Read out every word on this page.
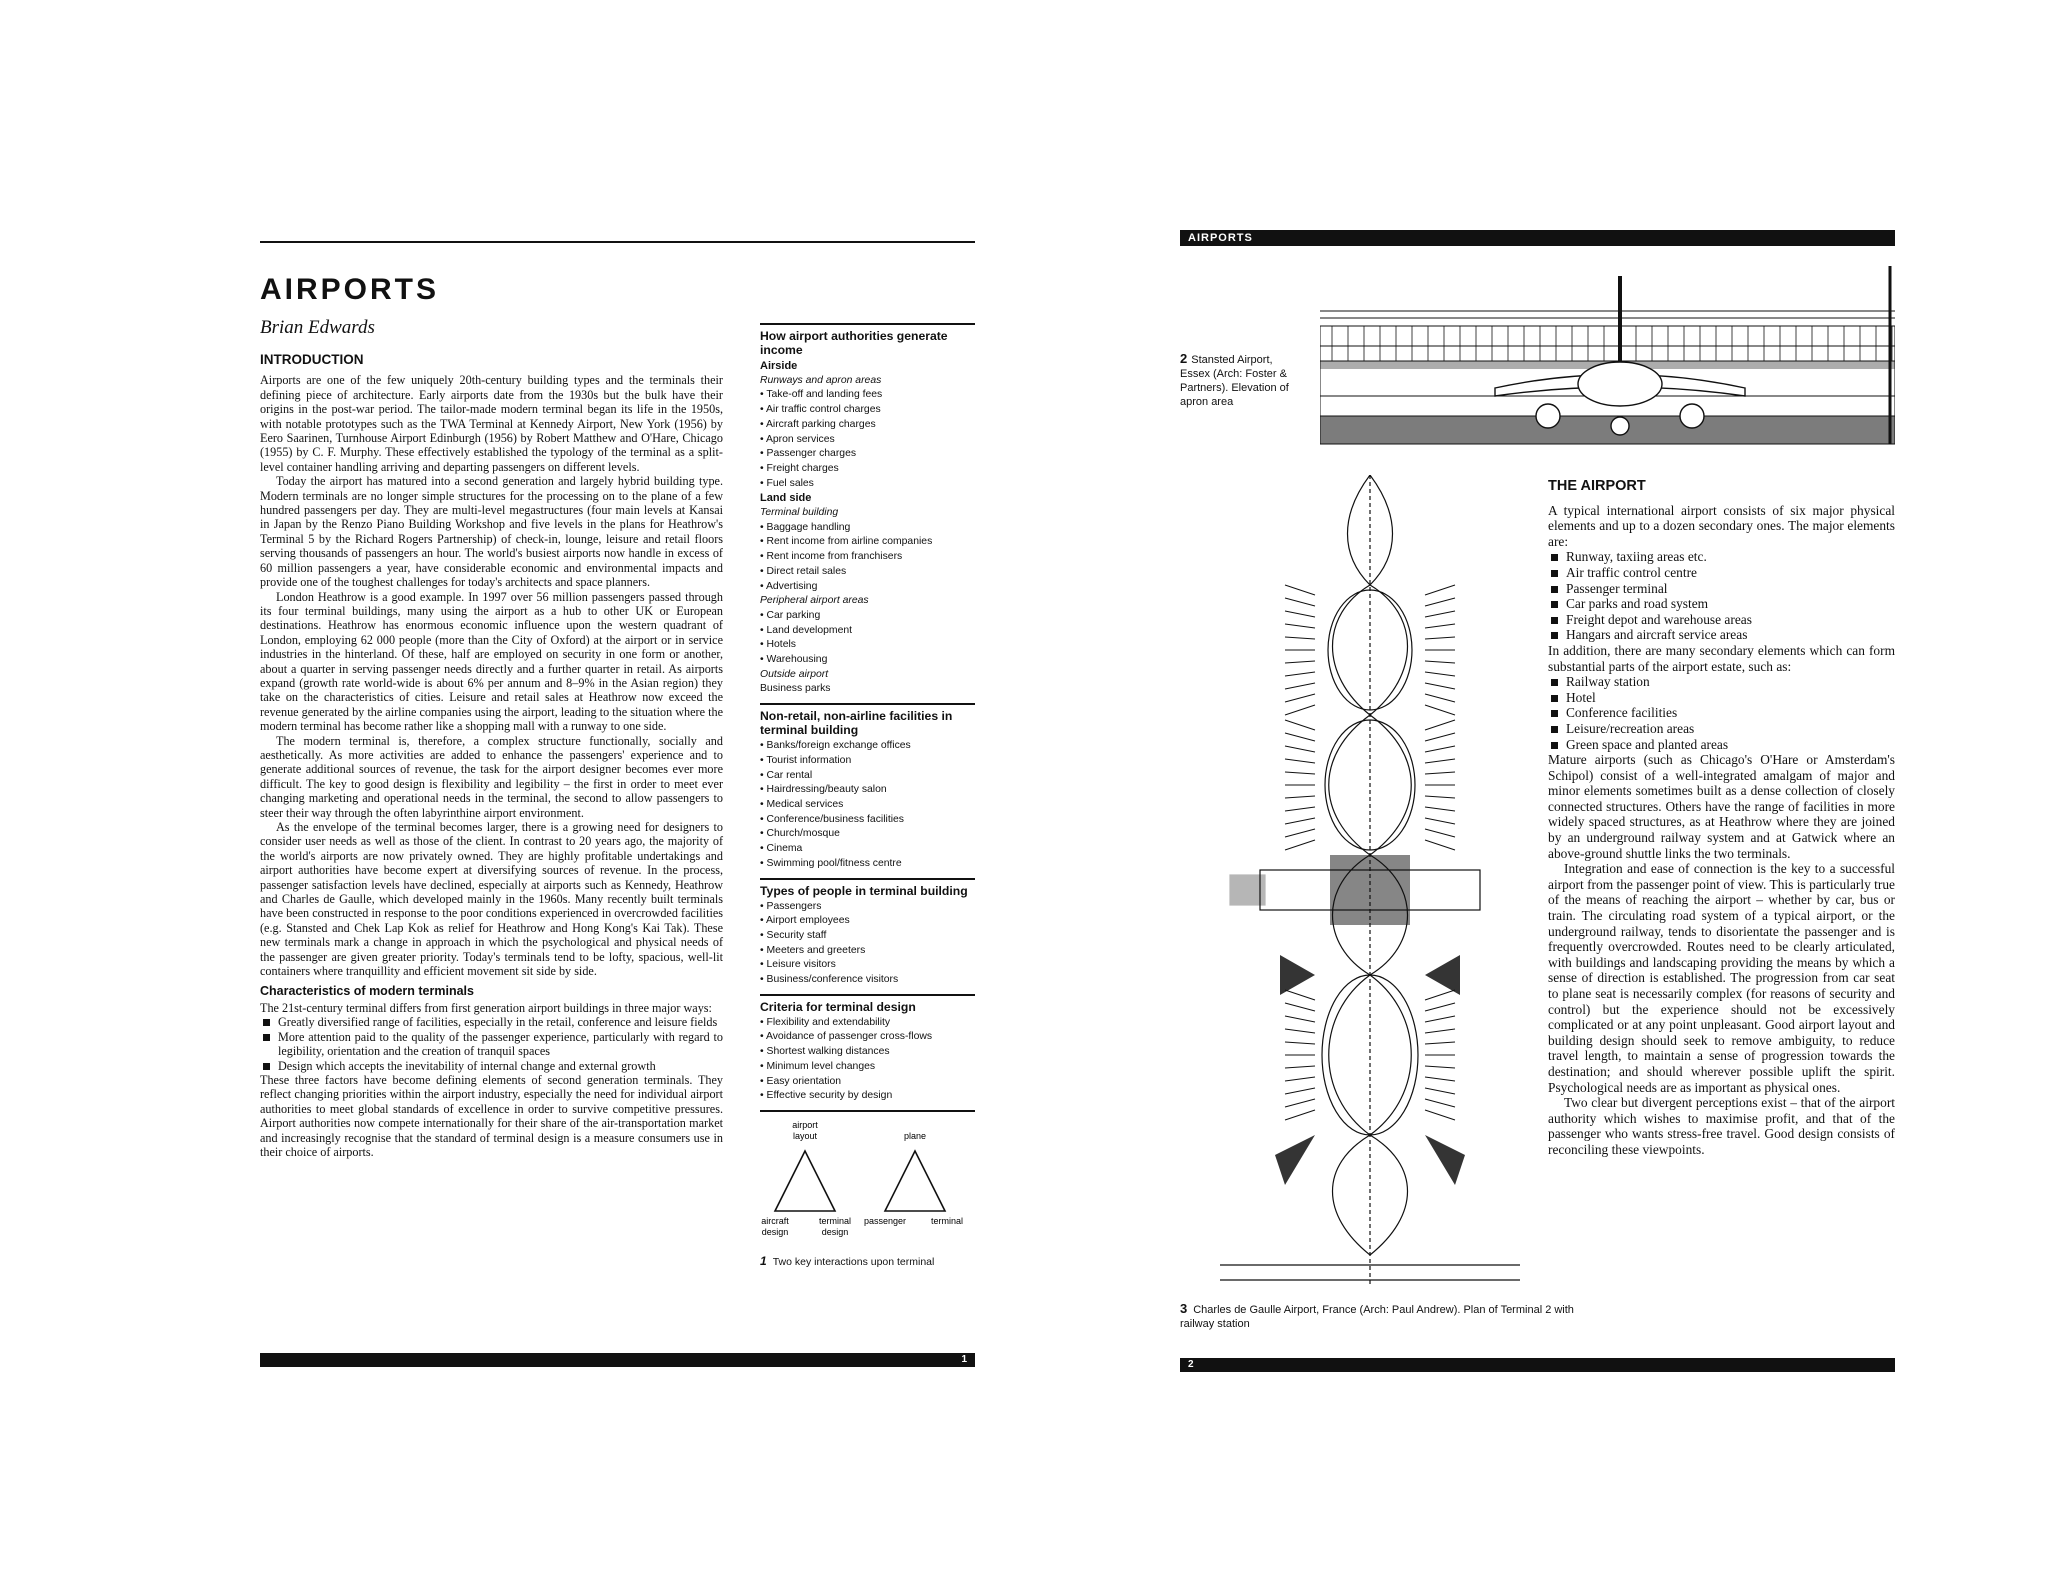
AIRPORTS
Brian Edwards
INTRODUCTION

Airports are one of the few uniquely 20th-century building types and the terminals their defining piece of architecture. Early airports date from the 1930s but the bulk have their origins in the post-war period. The tailor-made modern terminal began its life in the 1950s, with notable prototypes such as the TWA Terminal at Kennedy Airport, New York (1956) by Eero Saarinen, Turnhouse Airport Edinburgh (1956) by Robert Matthew and O'Hare, Chicago (1955) by C. F. Murphy. These effectively established the typology of the terminal as a split-level container handling arriving and departing passengers on different levels.

Today the airport has matured into a second generation and largely hybrid building type. Modern terminals are no longer simple structures for the processing on to the plane of a few hundred passengers per day. They are multi-level megastructures (four main levels at Kansai in Japan by the Renzo Piano Building Workshop and five levels in the plans for Heathrow's Terminal 5 by the Richard Rogers Partnership) of check-in, lounge, leisure and retail floors serving thousands of passengers an hour. The world's busiest airports now handle in excess of 60 million passengers a year, have considerable economic and environmental impacts and provide one of the toughest challenges for today's architects and space planners.

London Heathrow is a good example. In 1997 over 56 million passengers passed through its four terminal buildings, many using the airport as a hub to other UK or European destinations. Heathrow has enormous economic influence upon the western quadrant of London, employing 62 000 people (more than the City of Oxford) at the airport or in service industries in the hinterland. Of these, half are employed on security in one form or another, about a quarter in serving passenger needs directly and a further quarter in retail. As airports expand (growth rate world-wide is about 6% per annum and 8–9% in the Asian region) they take on the characteristics of cities. Leisure and retail sales at Heathrow now exceed the revenue generated by the airline companies using the airport, leading to the situation where the modern terminal has become rather like a shopping mall with a runway to one side.

The modern terminal is, therefore, a complex structure functionally, socially and aesthetically. As more activities are added to enhance the passengers' experience and to generate additional sources of revenue, the task for the airport designer becomes ever more difficult. The key to good design is flexibility and legibility – the first in order to meet ever changing marketing and operational needs in the terminal, the second to allow passengers to steer their way through the often labyrinthine airport environment.

As the envelope of the terminal becomes larger, there is a growing need for designers to consider user needs as well as those of the client. In contrast to 20 years ago, the majority of the world's airports are now privately owned. They are highly profitable undertakings and airport authorities have become expert at diversifying sources of revenue. In the process, passenger satisfaction levels have declined, especially at airports such as Kennedy, Heathrow and Charles de Gaulle, which developed mainly in the 1960s. Many recently built terminals have been constructed in response to the poor conditions experienced in overcrowded facilities (e.g. Stansted and Chek Lap Kok as relief for Heathrow and Hong Kong's Kai Tak). These new terminals mark a change in approach in which the psychological and physical needs of the passenger are given greater priority. Today's terminals tend to be lofty, spacious, well-lit containers where tranquillity and efficient movement sit side by side.

Characteristics of modern terminals
The 21st-century terminal differs from first generation airport buildings in three major ways:
Greatly diversified range of facilities, especially in the retail, conference and leisure fields
More attention paid to the quality of the passenger experience, particularly with regard to legibility, orientation and the creation of tranquil spaces
Design which accepts the inevitability of internal change and external growth
These three factors have become defining elements of second generation terminals. They reflect changing priorities within the airport industry, especially the need for individual airport authorities to meet global standards of excellence in order to survive competitive pressures. Airport authorities now compete internationally for their share of the air-transportation market and increasingly recognise that the standard of terminal design is a measure consumers use in their choice of airports.
How airport authorities generate income
Airside
Runways and apron areas
• Take-off and landing fees
• Air traffic control charges
• Aircraft parking charges
• Apron services
• Passenger charges
• Freight charges
• Fuel sales
Land side
Terminal building
• Baggage handling
• Rent income from airline companies
• Rent income from franchisers
• Direct retail sales
• Advertising
Peripheral airport areas
• Car parking
• Land development
• Hotels
• Warehousing
Outside airport
Business parks
Non-retail, non-airline facilities in terminal building
• Banks/foreign exchange offices
• Tourist information
• Car rental
• Hairdressing/beauty salon
• Medical services
• Conference/business facilities
• Church/mosque
• Cinema
• Swimming pool/fitness centre
Types of people in terminal building
• Passengers
• Airport employees
• Security staff
• Meeters and greeters
• Leisure visitors
• Business/conference visitors
Criteria for terminal design
• Flexibility and extendability
• Avoidance of passenger cross-flows
• Shortest walking distances
• Minimum level changes
• Easy orientation
• Effective security by design
airport
layout	plane
aircraft
design
terminal
design
passenger	terminal
1 Two key interactions upon terminal
1
AIRPORTS
2 Stansted Airport, Essex (Arch: Foster & Partners). Elevation of apron area
3 Charles de Gaulle Airport, France (Arch: Paul Andrew). Plan of Terminal 2 with railway station
THE AIRPORT

A typical international airport consists of six major physical elements and up to a dozen secondary ones. The major elements are:

Runway, taxiing areas etc.
Air traffic control centre
Passenger terminal
Car parks and road system
Freight depot and warehouse areas
Hangars and aircraft service areas

In addition, there are many secondary elements which can form substantial parts of the airport estate, such as:

Railway station
Hotel
Conference facilities
Leisure/recreation areas
Green space and planted areas

Mature airports (such as Chicago's O'Hare or Amsterdam's Schipol) consist of a well-integrated amalgam of major and minor elements sometimes built as a dense collection of closely connected structures. Others have the range of facilities in more widely spaced structures, as at Heathrow where they are joined by an underground railway system and at Gatwick where an above-ground shuttle links the two terminals.

Integration and ease of connection is the key to a successful airport from the passenger point of view. This is particularly true of the means of reaching the airport – whether by car, bus or train. The circulating road system of a typical airport, or the underground railway, tends to disorientate the passenger and is frequently overcrowded. Routes need to be clearly articulated, with buildings and landscaping providing the means by which a sense of direction is established. The progression from car seat to plane seat is necessarily complex (for reasons of security and control) but the experience should not be excessively complicated or at any point unpleasant. Good airport layout and building design should seek to remove ambiguity, to reduce travel length, to maintain a sense of progression towards the destination; and should wherever possible uplift the spirit. Psychological needs are as important as physical ones.

Two clear but divergent perceptions exist – that of the airport authority which wishes to maximise profit, and that of the passenger who wants stress-free travel. Good design consists of reconciling these viewpoints.

2
